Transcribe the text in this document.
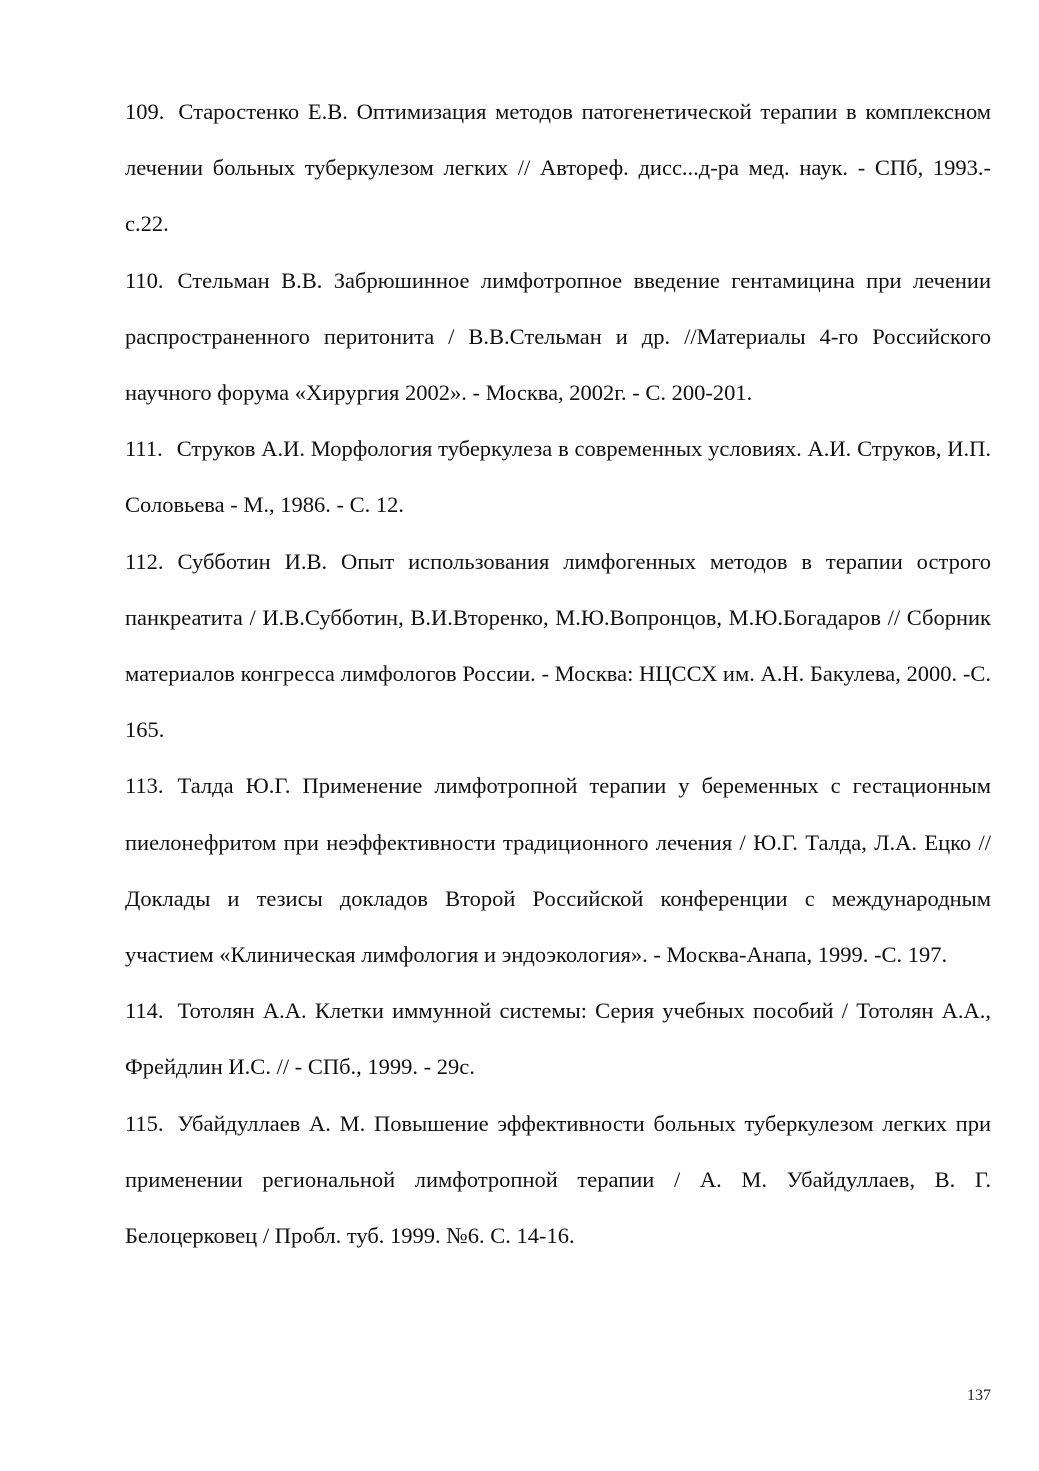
109. Старостенко Е.В. Оптимизация методов патогенетической терапии в комплексном лечении больных туберкулезом легких // Автореф. дисс...д-ра мед. наук. - СПб, 1993.- с.22.

110. Стельман В.В. Забрюшинное лимфотропное введение гентамицина при лечении распространенного перитонита / В.В.Стельман и др. //Материалы 4-го Российского научного форума «Хирургия 2002». - Москва, 2002г. - С. 200-201.

111. Струков А.И. Морфология туберкулеза в современных условиях. А.И. Струков, И.П. Соловьева - М., 1986. - С. 12.

112. Субботин И.В. Опыт использования лимфогенных методов в терапии острого панкреатита / И.В.Субботин, В.И.Вторенко, М.Ю.Вопронцов, М.Ю.Богадаров // Сборник материалов конгресса лимфологов России. - Москва: НЦССХ им. А.Н. Бакулева, 2000. -С. 165.

113. Талда Ю.Г. Применение лимфотропной терапии у беременных с гестационным пиелонефритом при неэффективности традиционного лечения / Ю.Г. Талда, Л.А. Ецко // Доклады и тезисы докладов Второй Российской конференции с международным участием «Клиническая лимфология и эндоэкология». - Москва-Анапа, 1999. -С. 197.

114. Тотолян А.А. Клетки иммунной системы: Серия учебных пособий / Тотолян А.А., Фрейдлин И.С. // - СПб., 1999. - 29с.

115. Убайдуллаев А. М. Повышение эффективности больных туберкулезом легких при применении региональной лимфотропной терапии / А. М. Убайдуллаев, В. Г. Белоцерковец / Пробл. туб. 1999. №6. С. 14-16.

137
